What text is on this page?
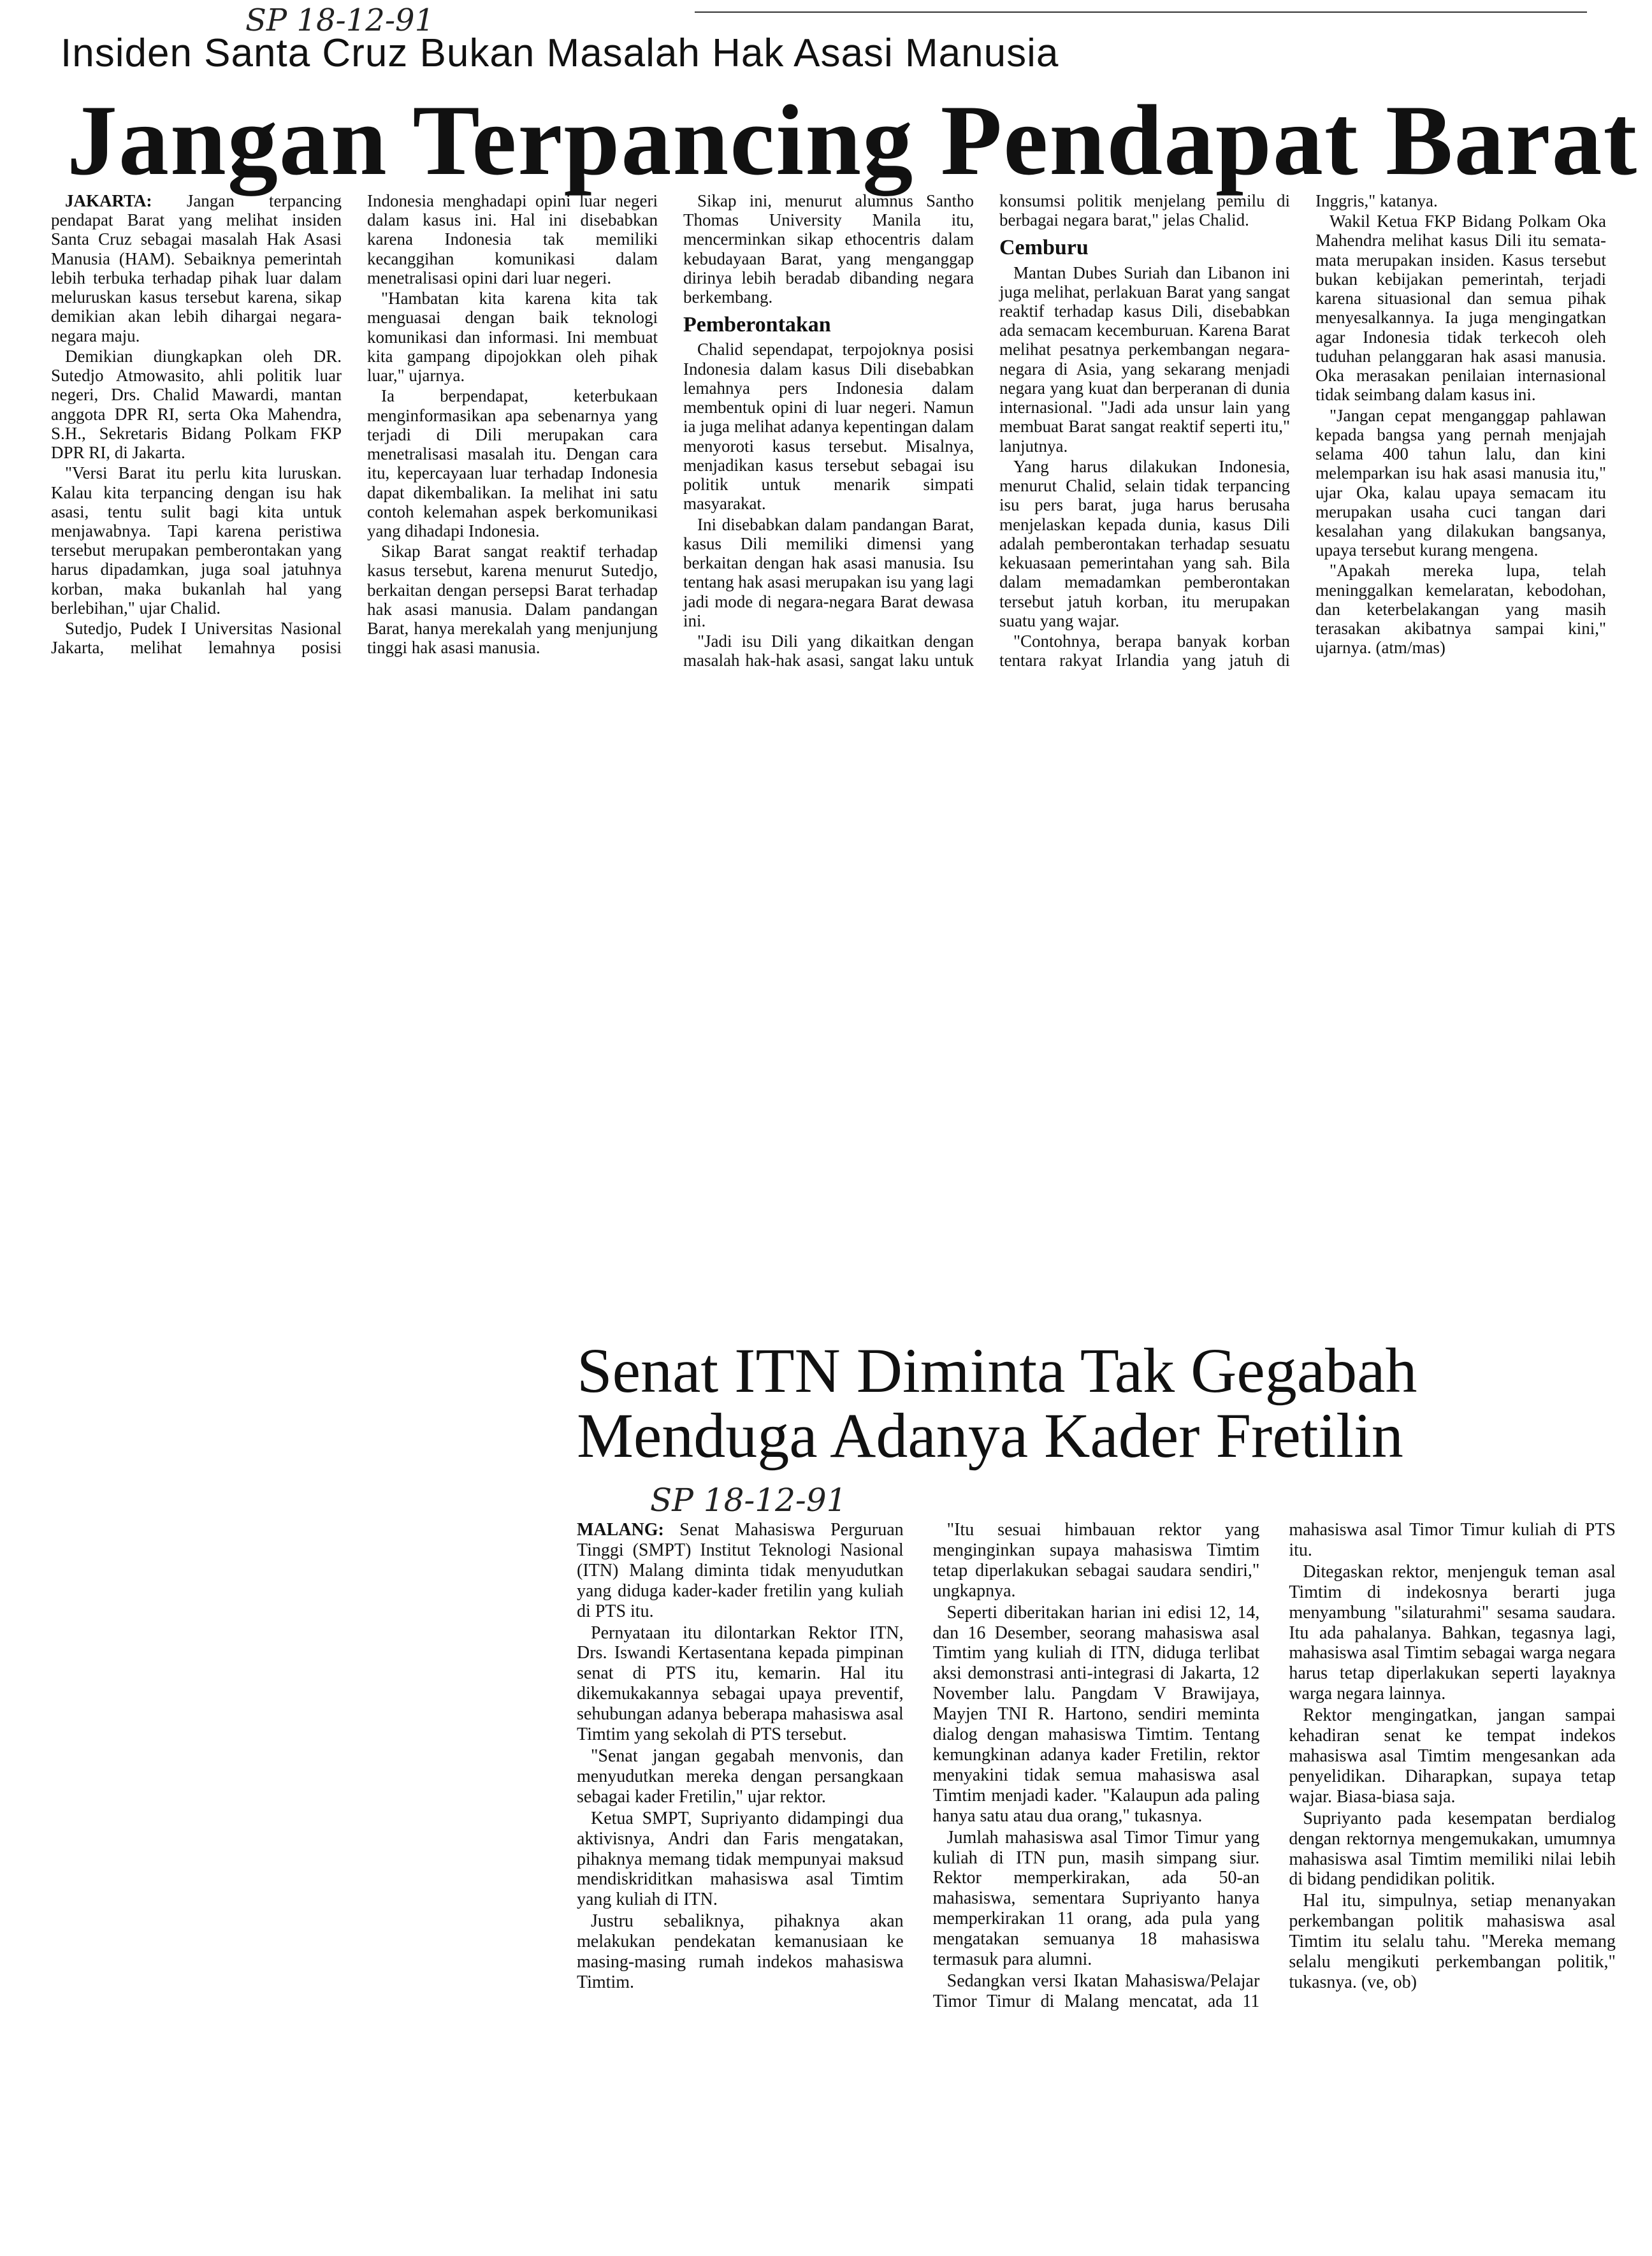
SP 18-12-91
Insiden Santa Cruz Bukan Masalah Hak Asasi Manusia
Jangan Terpancing Pendapat Barat

JAKARTA: Jangan terpancing pendapat Barat yang melihat insiden Santa Cruz sebagai masalah Hak Asasi Manusia (HAM). Sebaiknya pemerintah lebih terbuka terhadap pihak luar dalam meluruskan kasus tersebut karena, sikap demikian akan lebih dihargai negara-negara maju.

Demikian diungkapkan oleh DR. Sutedjo Atmowasito, ahli politik luar negeri, Drs. Chalid Mawardi, mantan anggota DPR RI, serta Oka Mahendra, S.H., Sekretaris Bidang Polkam FKP DPR RI, di Jakarta.

"Versi Barat itu perlu kita luruskan. Kalau kita terpancing dengan isu hak asasi, tentu sulit bagi kita untuk menjawabnya. Tapi karena peristiwa tersebut merupakan pemberontakan yang harus dipadamkan, juga soal jatuhnya korban, maka bukanlah hal yang berlebihan," ujar Chalid.

Sutedjo, Pudek I Universitas Nasional Jakarta, melihat lemahnya posisi Indonesia menghadapi opini luar negeri dalam kasus ini. Hal ini disebabkan karena Indonesia tak memiliki kecanggihan komunikasi dalam menetralisasi opini dari luar negeri.

"Hambatan kita karena kita tak menguasai dengan baik teknologi komunikasi dan informasi. Ini membuat kita gampang dipojokkan oleh pihak luar," ujarnya.

Ia berpendapat, keterbukaan menginformasikan apa sebenarnya yang terjadi di Dili merupakan cara menetralisasi masalah itu. Dengan cara itu, kepercayaan luar terhadap Indonesia dapat dikembalikan. Ia melihat ini satu contoh kelemahan aspek berkomunikasi yang dihadapi Indonesia.

Sikap Barat sangat reaktif terhadap kasus tersebut, karena menurut Sutedjo, berkaitan dengan persepsi Barat terhadap hak asasi manusia. Dalam pandangan Barat, hanya merekalah yang menjunjung tinggi hak asasi manusia.

Sikap ini, menurut alumnus Santho Thomas University Manila itu, mencerminkan sikap ethocentris dalam kebudayaan Barat, yang menganggap dirinya lebih beradab dibanding negara berkembang.

Pemberontakan

Chalid sependapat, terpojoknya posisi Indonesia dalam kasus Dili disebabkan lemahnya pers Indonesia dalam membentuk opini di luar negeri. Namun ia juga melihat adanya kepentingan dalam menyoroti kasus tersebut. Misalnya, menjadikan kasus tersebut sebagai isu politik untuk menarik simpati masyarakat.

Ini disebabkan dalam pandangan Barat, kasus Dili memiliki dimensi yang berkaitan dengan hak asasi manusia. Isu tentang hak asasi merupakan isu yang lagi jadi mode di negara-negara Barat dewasa ini.

"Jadi isu Dili yang dikaitkan dengan masalah hak-hak asasi, sangat laku untuk konsumsi politik menjelang pemilu di berbagai negara barat," jelas Chalid.

Cemburu

Mantan Dubes Suriah dan Libanon ini juga melihat, perlakuan Barat yang sangat reaktif terhadap kasus Dili, disebabkan ada semacam kecemburuan. Karena Barat melihat pesatnya perkembangan negara-negara di Asia, yang sekarang menjadi negara yang kuat dan berperanan di dunia internasional. "Jadi ada unsur lain yang membuat Barat sangat reaktif seperti itu," lanjutnya.

Yang harus dilakukan Indonesia, menurut Chalid, selain tidak terpancing isu pers barat, juga harus berusaha menjelaskan kepada dunia, kasus Dili adalah pemberontakan terhadap sesuatu kekuasaan pemerintahan yang sah. Bila dalam memadamkan pemberontakan tersebut jatuh korban, itu merupakan suatu yang wajar.

"Contohnya, berapa banyak korban tentara rakyat Irlandia yang jatuh di Inggris," katanya.

Wakil Ketua FKP Bidang Polkam Oka Mahendra melihat kasus Dili itu semata-mata merupakan insiden. Kasus tersebut bukan kebijakan pemerintah, terjadi karena situasional dan semua pihak menyesalkannya. Ia juga mengingatkan agar Indonesia tidak terkecoh oleh tuduhan pelanggaran hak asasi manusia. Oka merasakan penilaian internasional tidak seimbang dalam kasus ini.

"Jangan cepat menganggap pahlawan kepada bangsa yang pernah menjajah selama 400 tahun lalu, dan kini melemparkan isu hak asasi manusia itu," ujar Oka, kalau upaya semacam itu merupakan usaha cuci tangan dari kesalahan yang dilakukan bangsanya, upaya tersebut kurang mengena.

"Apakah mereka lupa, telah meninggalkan kemelaratan, kebodohan, dan keterbelakangan yang masih terasakan akibatnya sampai kini," ujarnya. (atm/mas)

Senat ITN Diminta Tak Gegabah
Menduga Adanya Kader Fretilin
SP 18-12-91

MALANG: Senat Mahasiswa Perguruan Tinggi (SMPT) Institut Teknologi Nasional (ITN) Malang diminta tidak menyudutkan yang diduga kader-kader fretilin yang kuliah di PTS itu.

Pernyataan itu dilontarkan Rektor ITN, Drs. Iswandi Kertasentana kepada pimpinan senat di PTS itu, kemarin. Hal itu dikemukakannya sebagai upaya preventif, sehubungan adanya beberapa mahasiswa asal Timtim yang sekolah di PTS tersebut.

"Senat jangan gegabah menvonis, dan menyudutkan mereka dengan persangkaan sebagai kader Fretilin," ujar rektor.

Ketua SMPT, Supriyanto didampingi dua aktivisnya, Andri dan Faris mengatakan, pihaknya memang tidak mempunyai maksud mendiskriditkan mahasiswa asal Timtim yang kuliah di ITN.

Justru sebaliknya, pihaknya akan melakukan pendekatan kemanusiaan ke masing-masing rumah indekos mahasiswa Timtim.

"Itu sesuai himbauan rektor yang menginginkan supaya mahasiswa Timtim tetap diperlakukan sebagai saudara sendiri," ungkapnya.

Seperti diberitakan harian ini edisi 12, 14, dan 16 Desember, seorang mahasiswa asal Timtim yang kuliah di ITN, diduga terlibat aksi demonstrasi anti-integrasi di Jakarta, 12 November lalu. Pangdam V Brawijaya, Mayjen TNI R. Hartono, sendiri meminta dialog dengan mahasiswa Timtim. Tentang kemungkinan adanya kader Fretilin, rektor menyakini tidak semua mahasiswa asal Timtim menjadi kader. "Kalaupun ada paling hanya satu atau dua orang," tukasnya.

Jumlah mahasiswa asal Timor Timur yang kuliah di ITN pun, masih simpang siur. Rektor memperkirakan, ada 50-an mahasiswa, sementara Supriyanto hanya memperkirakan 11 orang, ada pula yang mengatakan semuanya 18 mahasiswa termasuk para alumni.

Sedangkan versi Ikatan Mahasiswa/Pelajar Timor Timur di Malang mencatat, ada 11 mahasiswa asal Timor Timur kuliah di PTS itu.

Ditegaskan rektor, menjenguk teman asal Timtim di indekosnya berarti juga menyambung "silaturahmi" sesama saudara. Itu ada pahalanya. Bahkan, tegasnya lagi, mahasiswa asal Timtim sebagai warga negara harus tetap diperlakukan seperti layaknya warga negara lainnya.

Rektor mengingatkan, jangan sampai kehadiran senat ke tempat indekos mahasiswa asal Timtim mengesankan ada penyelidikan. Diharapkan, supaya tetap wajar. Biasa-biasa saja.

Supriyanto pada kesempatan berdialog dengan rektornya mengemukakan, umumnya mahasiswa asal Timtim memiliki nilai lebih di bidang pendidikan politik.

Hal itu, simpulnya, setiap menanyakan perkembangan politik mahasiswa asal Timtim itu selalu tahu. "Mereka memang selalu mengikuti perkembangan politik," tukasnya. (ve, ob)
